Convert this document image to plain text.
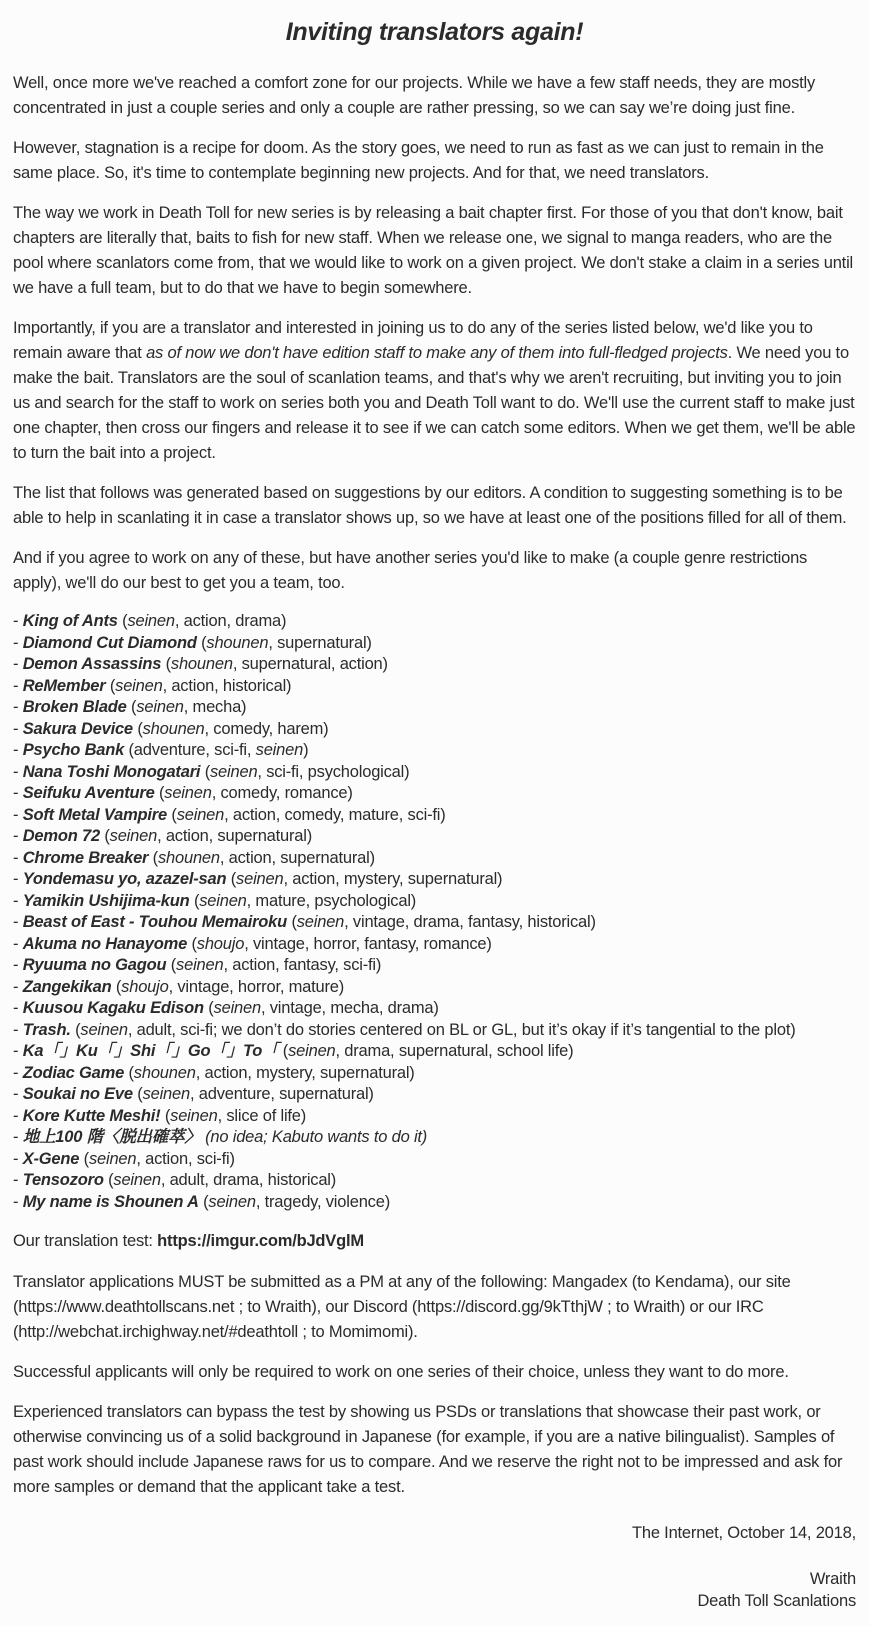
Inviting translators again!

Well, once more we've reached a comfort zone for our projects. While we have a few staff needs, they are mostly concentrated in just a couple series and only a couple are rather pressing, so we can say we’re doing just fine.

However, stagnation is a recipe for doom. As the story goes, we need to run as fast as we can just to remain in the same place. So, it's time to contemplate beginning new projects. And for that, we need translators.

The way we work in Death Toll for new series is by releasing a bait chapter first. For those of you that don't know, bait chapters are literally that, baits to fish for new staff. When we release one, we signal to manga readers, who are the pool where scanlators come from, that we would like to work on a given project. We don't stake a claim in a series until we have a full team, but to do that we have to begin somewhere.

Importantly, if you are a translator and interested in joining us to do any of the series listed below, we'd like you to remain aware that as of now we don't have edition staff to make any of them into full-fledged projects. We need you to make the bait. Translators are the soul of scanlation teams, and that's why we aren't recruiting, but inviting you to join us and search for the staff to work on series both you and Death Toll want to do. We'll use the current staff to make just one chapter, then cross our fingers and release it to see if we can catch some editors. When we get them, we'll be able to turn the bait into a project.

The list that follows was generated based on suggestions by our editors. A condition to suggesting something is to be able to help in scanlating it in case a translator shows up, so we have at least one of the positions filled for all of them.

And if you agree to work on any of these, but have another series you'd like to make (a couple genre restrictions apply), we'll do our best to get you a team, too.

- King of Ants (seinen, action, drama)
- Diamond Cut Diamond (shounen, supernatural)
- Demon Assassins (shounen, supernatural, action)
- ReMember (seinen, action, historical)
- Broken Blade (seinen, mecha)
- Sakura Device (shounen, comedy, harem)
- Psycho Bank (adventure, sci-fi, seinen)
- Nana Toshi Monogatari (seinen, sci-fi, psychological)
- Seifuku Aventure (seinen, comedy, romance)
- Soft Metal Vampire (seinen, action, comedy, mature, sci-fi)
- Demon 72 (seinen, action, supernatural)
- Chrome Breaker (shounen, action, supernatural)
- Yondemasu yo, azazel-san (seinen, action, mystery, supernatural)
- Yamikin Ushijima-kun (seinen, mature, psychological)
- Beast of East - Touhou Memairoku (seinen, vintage, drama, fantasy, historical)
- Akuma no Hanayome (shoujo, vintage, horror, fantasy, romance)
- Ryuuma no Gagou (seinen, action, fantasy, sci-fi)
- Zangekikan (shoujo, vintage, horror, mature)
- Kuusou Kagaku Edison (seinen, vintage, mecha, drama)
- Trash. (seinen, adult, sci-fi; we don’t do stories centered on BL or GL, but it’s okay if it’s tangential to the plot)
- Ka「」Ku「」Shi「」Go「」To「 (seinen, drama, supernatural, school life)
- Zodiac Game (shounen, action, mystery, supernatural)
- Soukai no Eve (seinen, adventure, supernatural)
- Kore Kutte Meshi! (seinen, slice of life)
- 地上100 階〈脱出確萃〉 (no idea; Kabuto wants to do it)
- X-Gene (seinen, action, sci-fi)
- Tensozoro (seinen, adult, drama, historical)
- My name is Shounen A (seinen, tragedy, violence)

Our translation test: https://imgur.com/bJdVglM

Translator applications MUST be submitted as a PM at any of the following: Mangadex (to Kendama), our site (https://www.deathtollscans.net ; to Wraith), our Discord (https://discord.gg/9kTthjW ; to Wraith) or our IRC (http://webchat.irchighway.net/#deathtoll ; to Momimomi).

Successful applicants will only be required to work on one series of their choice, unless they want to do more.

Experienced translators can bypass the test by showing us PSDs or translations that showcase their past work, or otherwise convincing us of a solid background in Japanese (for example, if you are a native bilingualist). Samples of past work should include Japanese raws for us to compare. And we reserve the right not to be impressed and ask for more samples or demand that the applicant take a test.

The Internet, October 14, 2018,

Wraith

Death Toll Scanlations
